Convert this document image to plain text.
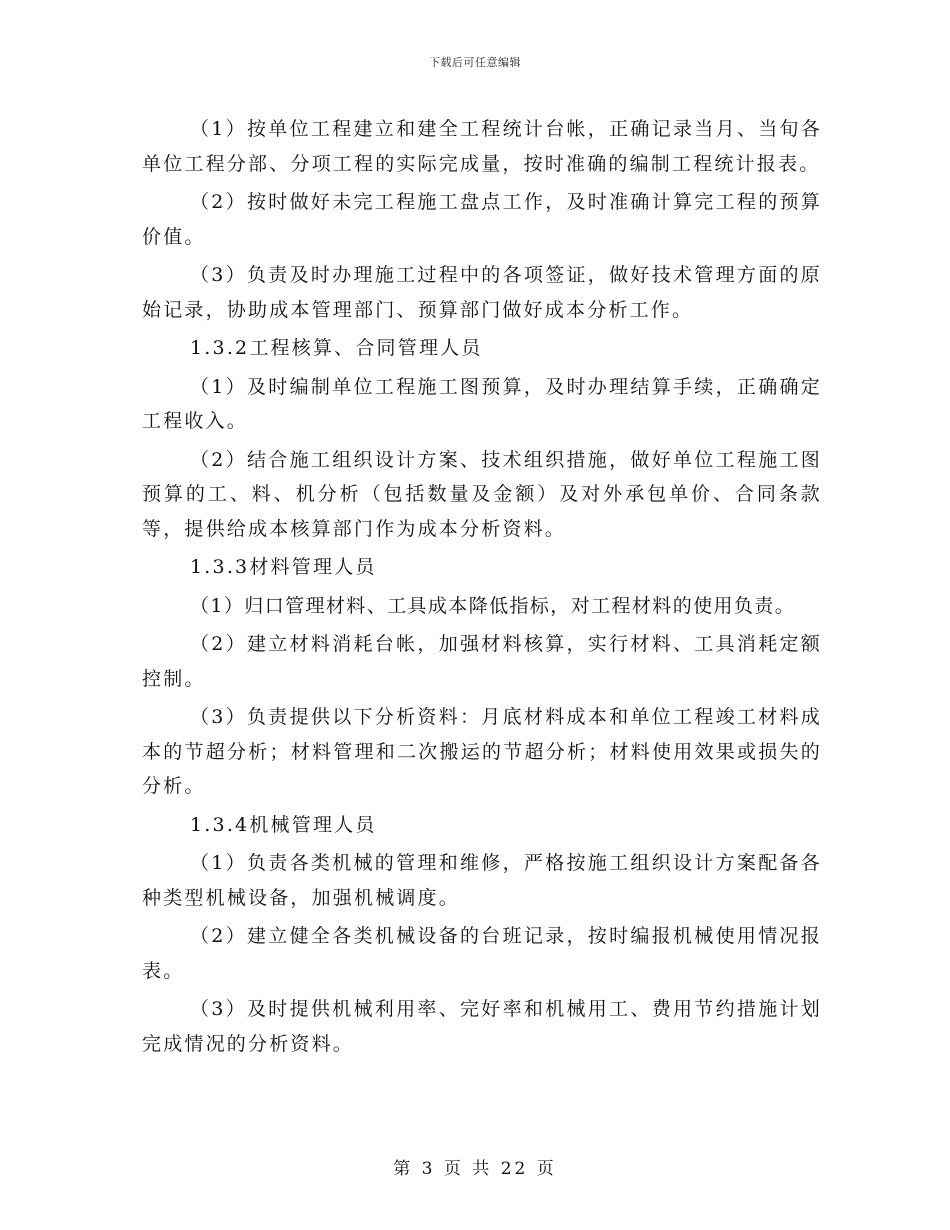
下载后可任意编辑

（1）按单位工程建立和建全工程统计台帐，正确记录当月、当旬各单位工程分部、分项工程的实际完成量，按时准确的编制工程统计报表。

（2）按时做好未完工程施工盘点工作，及时准确计算完工程的预算价值。

（3）负责及时办理施工过程中的各项签证，做好技术管理方面的原始记录，协助成本管理部门、预算部门做好成本分析工作。

1.3.2工程核算、合同管理人员

（1）及时编制单位工程施工图预算，及时办理结算手续，正确确定工程收入。

（2）结合施工组织设计方案、技术组织措施，做好单位工程施工图预算的工、料、机分析（包括数量及金额）及对外承包单价、合同条款等，提供给成本核算部门作为成本分析资料。

1.3.3材料管理人员

（1）归口管理材料、工具成本降低指标，对工程材料的使用负责。

（2）建立材料消耗台帐，加强材料核算，实行材料、工具消耗定额控制。

（3）负责提供以下分析资料：月底材料成本和单位工程竣工材料成本的节超分析；材料管理和二次搬运的节超分析；材料使用效果或损失的分析。

1.3.4机械管理人员

（1）负责各类机械的管理和维修，严格按施工组织设计方案配备各种类型机械设备，加强机械调度。

（2）建立健全各类机械设备的台班记录，按时编报机械使用情况报表。

（3）及时提供机械利用率、完好率和机械用工、费用节约措施计划完成情况的分析资料。

第 3 页 共 22 页
